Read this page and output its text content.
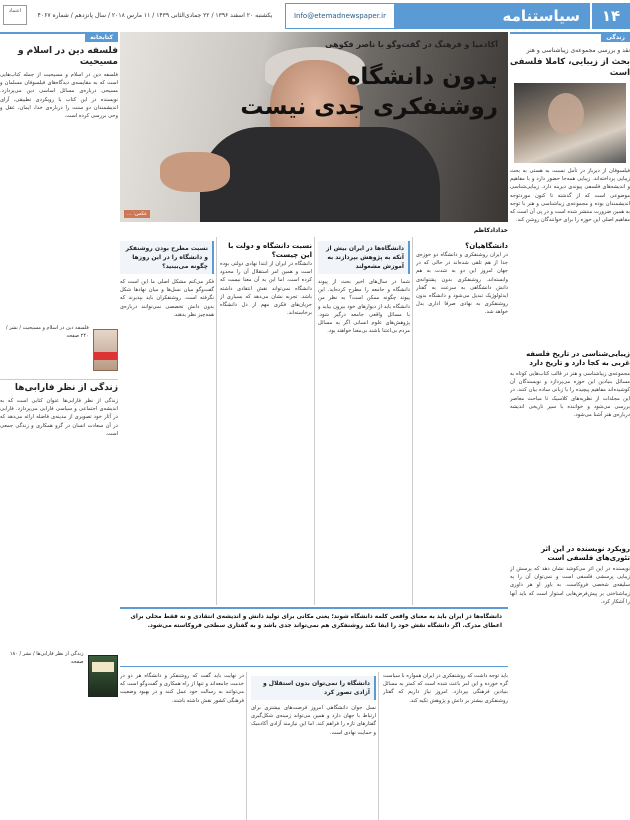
۱۴
سیاستنامه
Info@etemadnewspaper.ir
یکشنبه ۲۰ اسفند ۱۳۹۶ / ۲۲ جمادی‌الثانی ۱۴۳۹ / ۱۱ مارس ۲۰۱۸ / سال پانزدهم / شماره ۴۰۶۷
اعتماد
زندگی
نقد و بررسی مجموعه‌ی زیباشناسی و هنر
بحث از زیبایی، کاملا فلسفی است
فیلسوفان از دیرباز در تأمل نسبت به هستی به بحث زیبایی پرداخته‌اند. زیبایی همه‌جا حضور دارد و با مفاهیم و اندیشه‌های فلسفی پیوندی دیرینه دارد. زیبایی‌شناسی موضوعی است که از گذشته تا کنون موردتوجه اندیشمندان بوده و مجموعه‌ی زیباشناسی و هنر با توجه به همین ضرورت منتشر شده است و در پی آن است که مفاهیم اصلی این حوزه را برای خوانندگان روشن کند.
زیبایی‌شناسی در تاریخ فلسفه غربی به کجا دارد و تاریخ دارد
مجموعه‌ی زیباشناسی و هنر در قالب کتاب‌هایی کوتاه به مسائل بنیادین این حوزه می‌پردازد و نویسندگان آن کوشیده‌اند مفاهیم پیچیده را با زبانی ساده بیان کنند. در این مجلدات از نظریه‌های کلاسیک تا مباحث معاصر بررسی می‌شود و خواننده با سیر تاریخی اندیشه درباره‌ی هنر آشنا می‌شود.
رویکرد نویسنده در این اثر تئوری‌های فلسفی است
نویسنده در این اثر می‌کوشد نشان دهد که پرسش از زیبایی پرسشی فلسفی است و نمی‌توان آن را به سلیقه‌ی شخصی فروکاست. به باور او هر داوری زیباشناختی بر پیش‌فرض‌هایی استوار است که باید آنها را آشکار کرد.
کتابخانه
فلسفه دین در اسلام و مسیحیت
فلسفه دین در اسلام و مسیحیت از جمله کتاب‌هایی است که به مقایسه‌ی دیدگاه‌های فیلسوفان مسلمان و مسیحی درباره‌ی مسائل اساسی دین می‌پردازد. نویسنده در این کتاب با رویکردی تطبیقی، آرای اندیشمندان دو سنت را درباره‌ی خدا، ایمان، عقل و وحی بررسی کرده است.
فلسفه دین در اسلام و مسیحیت / نشر / ۲۴۰ صفحه
زندگی از نظر فارابی‌ها
زندگی از نظر فارابی‌ها عنوان کتابی است که به اندیشه‌ی اجتماعی و سیاسی فارابی می‌پردازد. فارابی در آثار خود تصویری از مدینه‌ی فاضله ارائه می‌دهد که در آن سعادت انسان در گرو همکاری و زندگی جمعی است.
زندگی از نظر فارابی‌ها / نشر / ۱۸۰ صفحه
آکادمیا و فرهنگ در گفت‌وگو با ناصر فکوهی
بدون دانشگاه
روشنفکری جدی نیست
عکس: ...
خدادادکاظم
دانشگاهیان؟
در ایران روشنفکری و دانشگاه دو حوزه‌ی جدا از هم تلقی شده‌اند در حالی که در جهان امروز این دو به شدت به هم وابسته‌اند. روشنفکری بدون پشتوانه‌ی دانش دانشگاهی به سرعت به گفتار ایدئولوژیک تبدیل می‌شود و دانشگاه بدون روشنفکری به نهادی صرفا اداری بدل خواهد شد.
دانشگاه‌ها در ایران بیش از آنکه به پژوهش بپردازند به آموزش مشغولند
شما در سال‌های اخیر بحث از پیوند دانشگاه و جامعه را مطرح کرده‌اید. این پیوند چگونه ممکن است؟ به نظر من دانشگاه باید از دیوارهای خود بیرون بیاید و با مسائل واقعی جامعه درگیر شود. پژوهش‌های علوم انسانی اگر به مسائل مردم بی‌اعتنا باشند بی‌معنا خواهند بود.
نسبت دانشگاه و دولت با این چیست؟
دانشگاه در ایران از ابتدا نهادی دولتی بوده است و همین امر استقلال آن را محدود کرده است. اما این به آن معنا نیست که دانشگاه نمی‌تواند نقش انتقادی داشته باشد. تجربه نشان می‌دهد که بسیاری از جریان‌های فکری مهم از دل دانشگاه برخاسته‌اند.
نسبت مطرح بودن روشنفکر و دانشگاه را در این روزها چگونه می‌بینید؟
فکر می‌کنم مشکل اصلی ما این است که گفت‌وگو میان نسل‌ها و میان نهادها شکل نگرفته است. روشنفکران باید بپذیرند که بدون دانش تخصصی نمی‌توانند درباره‌ی همه‌چیز نظر بدهند.

دانشگاه‌ها در ایران باید به معنای واقعی کلمه دانشگاه شوند؛ یعنی مکانی برای تولید دانش و اندیشه‌ی انتقادی و نه فقط محلی برای اعطای مدرک. اگر دانشگاه نقش خود را ایفا نکند روشنفکری هم نمی‌تواند جدی باشد و به گفتاری سطحی فروکاسته می‌شود.

باید توجه داشت که روشنفکری در ایران همواره با سیاست گره خورده و این امر باعث شده است که کمتر به مسائل بنیادین فرهنگی بپردازد. امروز نیاز داریم که گفتار روشنفکری بیشتر بر دانش و پژوهش تکیه کند.
دانشگاه را نمی‌توان بدون استقلال و آزادی تصور کرد
نسل جوان دانشگاهی امروز فرصت‌های بیشتری برای ارتباط با جهان دارد و همین می‌تواند زمینه‌ی شکل‌گیری گفتارهای تازه را فراهم کند. اما این نیازمند آزادی آکادمیک و حمایت نهادی است.
در نهایت باید گفت که روشنفکر و دانشگاه هر دو در خدمت جامعه‌اند و تنها از راه همکاری و گفت‌وگو است که می‌توانند به رسالت خود عمل کنند و در بهبود وضعیت فرهنگی کشور نقش داشته باشند.
